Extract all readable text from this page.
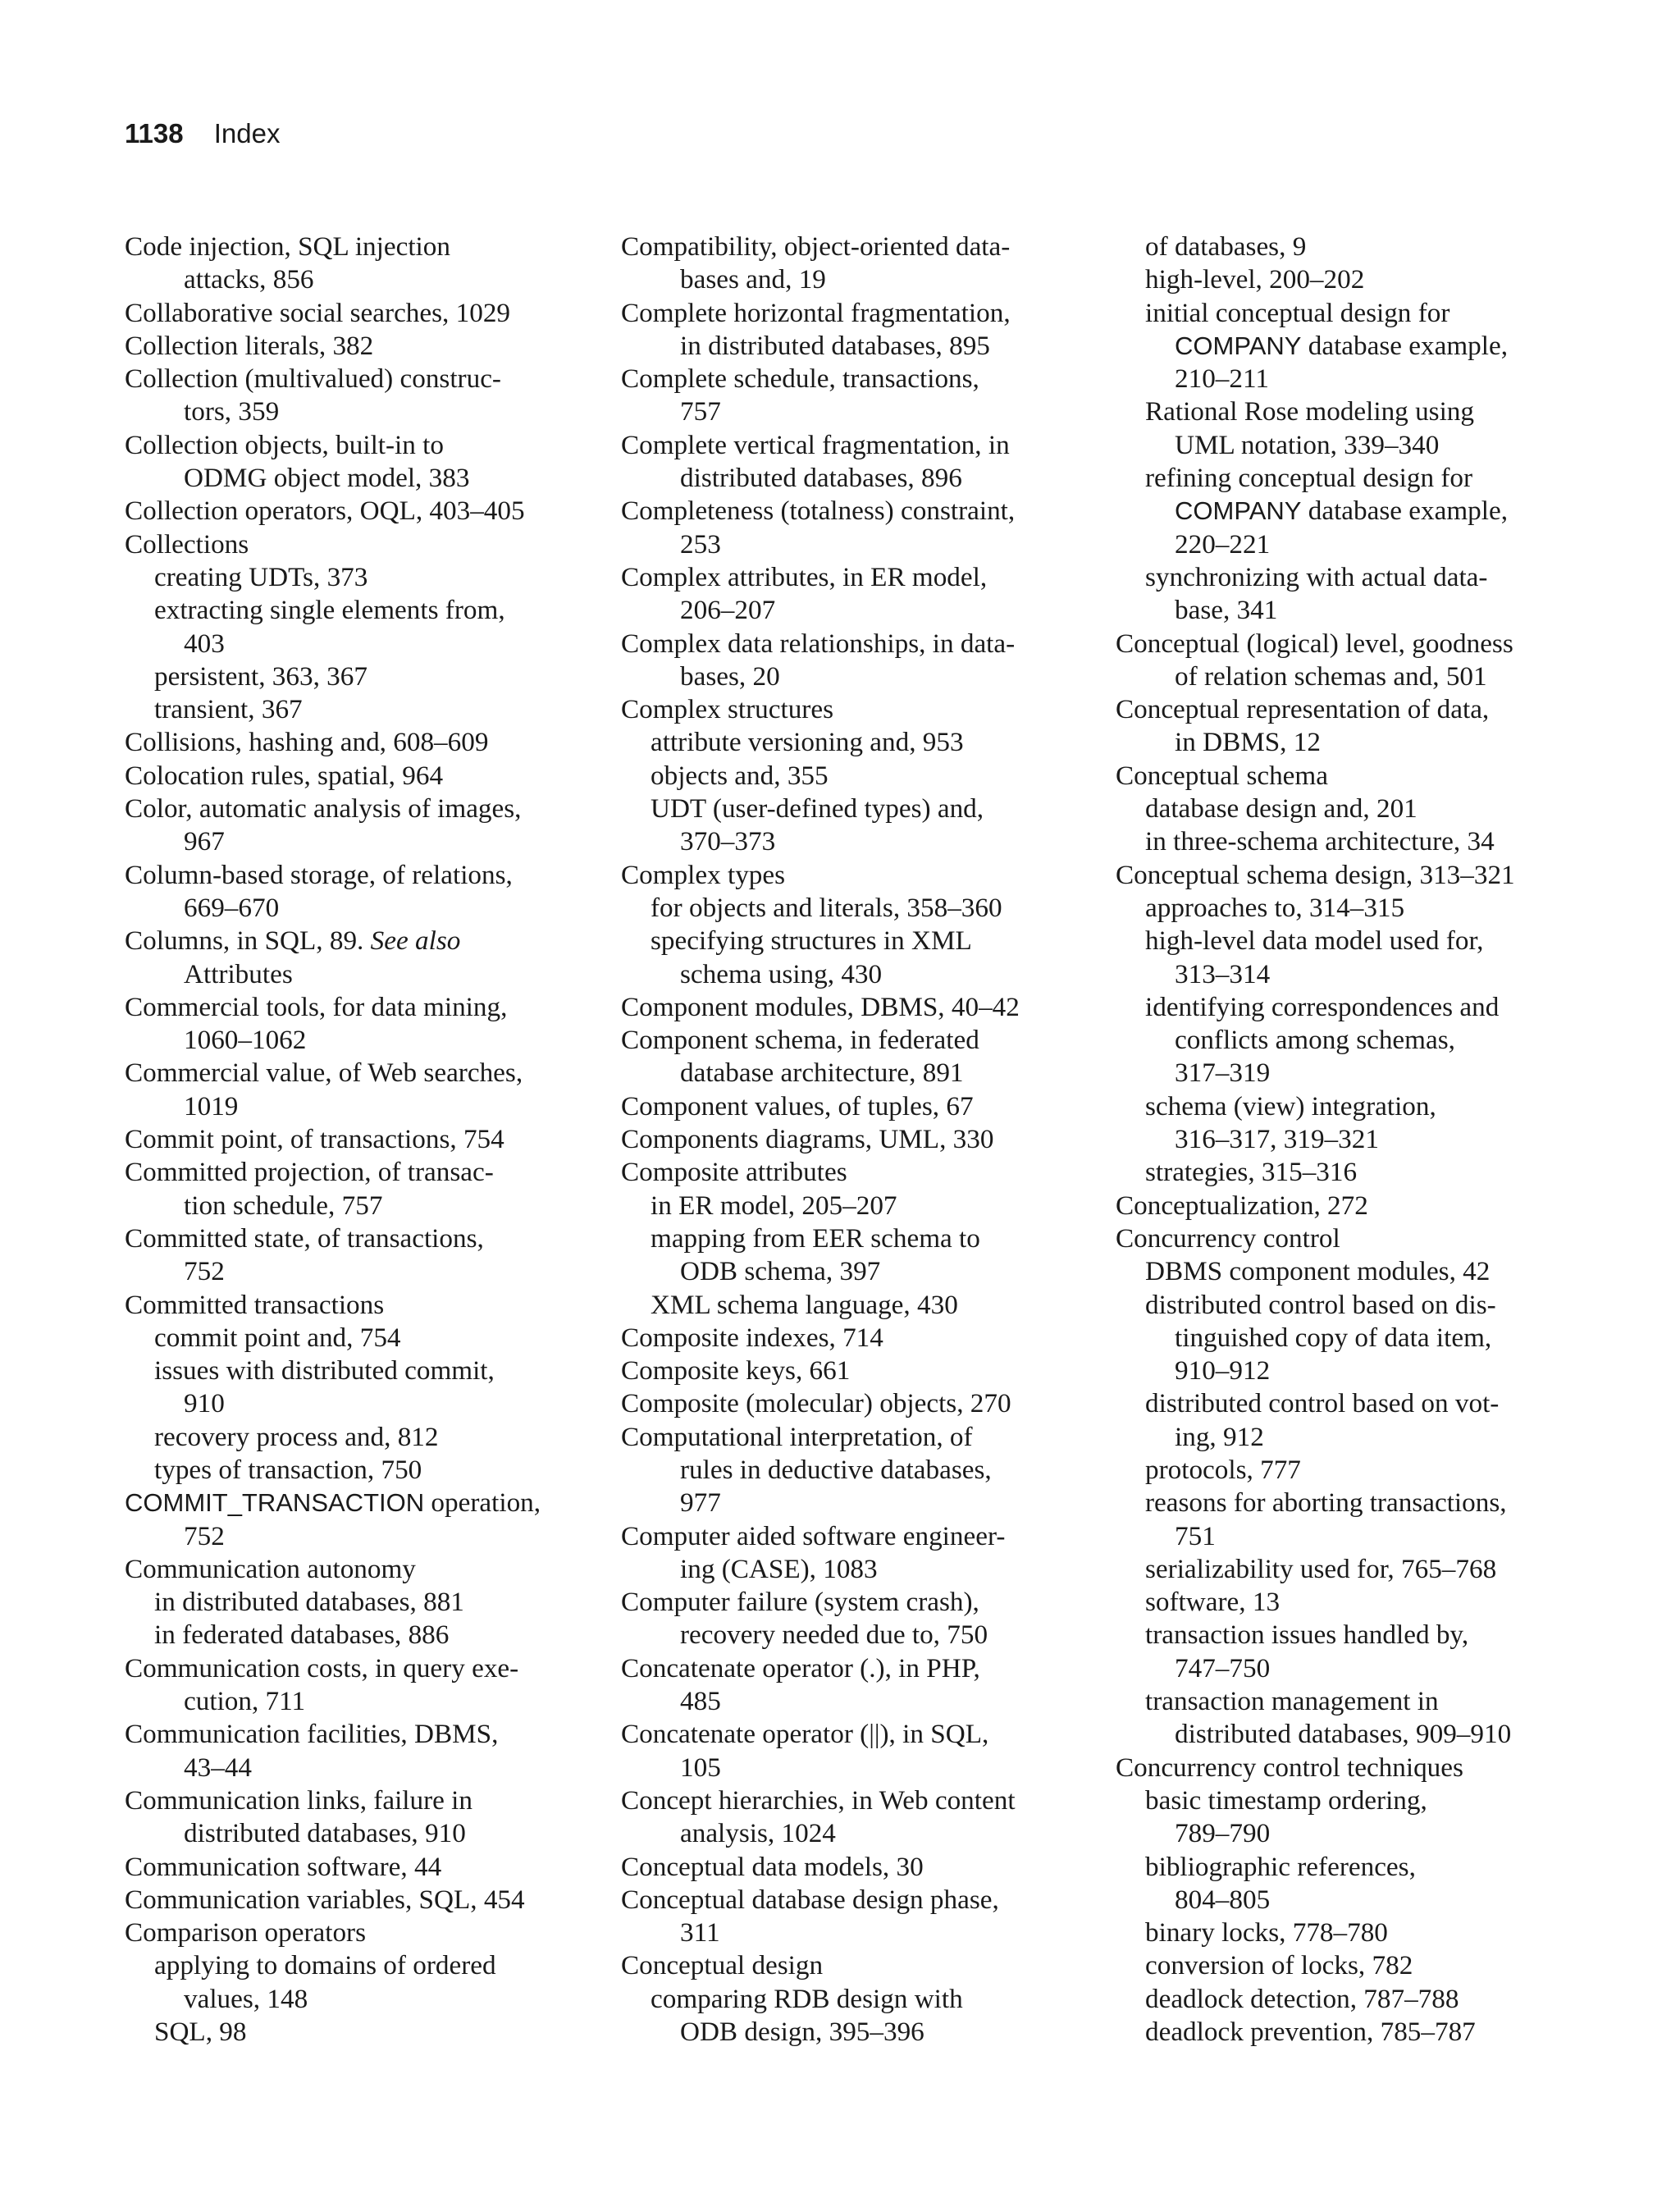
1138 Index
Code injection, SQL injection
attacks, 856
Collaborative social searches, 1029
Collection literals, 382
Collection (multivalued) construc-
tors, 359
Collection objects, built-in to
ODMG object model, 383
Collection operators, OQL, 403–405
Collections
creating UDTs, 373
extracting single elements from,
403
persistent, 363, 367
transient, 367
Collisions, hashing and, 608–609
Colocation rules, spatial, 964
Color, automatic analysis of images,
967
Column-based storage, of relations,
669–670
Columns, in SQL, 89. See also
Attributes
Commercial tools, for data mining,
1060–1062
Commercial value, of Web searches,
1019
Commit point, of transactions, 754
Committed projection, of transac-
tion schedule, 757
Committed state, of transactions,
752
Committed transactions
commit point and, 754
issues with distributed commit,
910
recovery process and, 812
types of transaction, 750
COMMIT_TRANSACTION operation,
752
Communication autonomy
in distributed databases, 881
in federated databases, 886
Communication costs, in query exe-
cution, 711
Communication facilities, DBMS,
43–44
Communication links, failure in
distributed databases, 910
Communication software, 44
Communication variables, SQL, 454
Comparison operators
applying to domains of ordered
values, 148
SQL, 98
Compatibility, object-oriented data-
bases and, 19
Complete horizontal fragmentation,
in distributed databases, 895
Complete schedule, transactions,
757
Complete vertical fragmentation, in
distributed databases, 896
Completeness (totalness) constraint,
253
Complex attributes, in ER model,
206–207
Complex data relationships, in data-
bases, 20
Complex structures
attribute versioning and, 953
objects and, 355
UDT (user-defined types) and,
370–373
Complex types
for objects and literals, 358–360
specifying structures in XML
schema using, 430
Component modules, DBMS, 40–42
Component schema, in federated
database architecture, 891
Component values, of tuples, 67
Components diagrams, UML, 330
Composite attributes
in ER model, 205–207
mapping from EER schema to
ODB schema, 397
XML schema language, 430
Composite indexes, 714
Composite keys, 661
Composite (molecular) objects, 270
Computational interpretation, of
rules in deductive databases,
977
Computer aided software engineer-
ing (CASE), 1083
Computer failure (system crash),
recovery needed due to, 750
Concatenate operator (.), in PHP,
485
Concatenate operator (||), in SQL,
105
Concept hierarchies, in Web content
analysis, 1024
Conceptual data models, 30
Conceptual database design phase,
311
Conceptual design
comparing RDB design with
ODB design, 395–396
of databases, 9
high-level, 200–202
initial conceptual design for
COMPANY database example,
210–211
Rational Rose modeling using
UML notation, 339–340
refining conceptual design for
COMPANY database example,
220–221
synchronizing with actual data-
base, 341
Conceptual (logical) level, goodness
of relation schemas and, 501
Conceptual representation of data,
in DBMS, 12
Conceptual schema
database design and, 201
in three-schema architecture, 34
Conceptual schema design, 313–321
approaches to, 314–315
high-level data model used for,
313–314
identifying correspondences and
conflicts among schemas,
317–319
schema (view) integration,
316–317, 319–321
strategies, 315–316
Conceptualization, 272
Concurrency control
DBMS component modules, 42
distributed control based on dis-
tinguished copy of data item,
910–912
distributed control based on vot-
ing, 912
protocols, 777
reasons for aborting transactions,
751
serializability used for, 765–768
software, 13
transaction issues handled by,
747–750
transaction management in
distributed databases, 909–910
Concurrency control techniques
basic timestamp ordering,
789–790
bibliographic references,
804–805
binary locks, 778–780
conversion of locks, 782
deadlock detection, 787–788
deadlock prevention, 785–787
